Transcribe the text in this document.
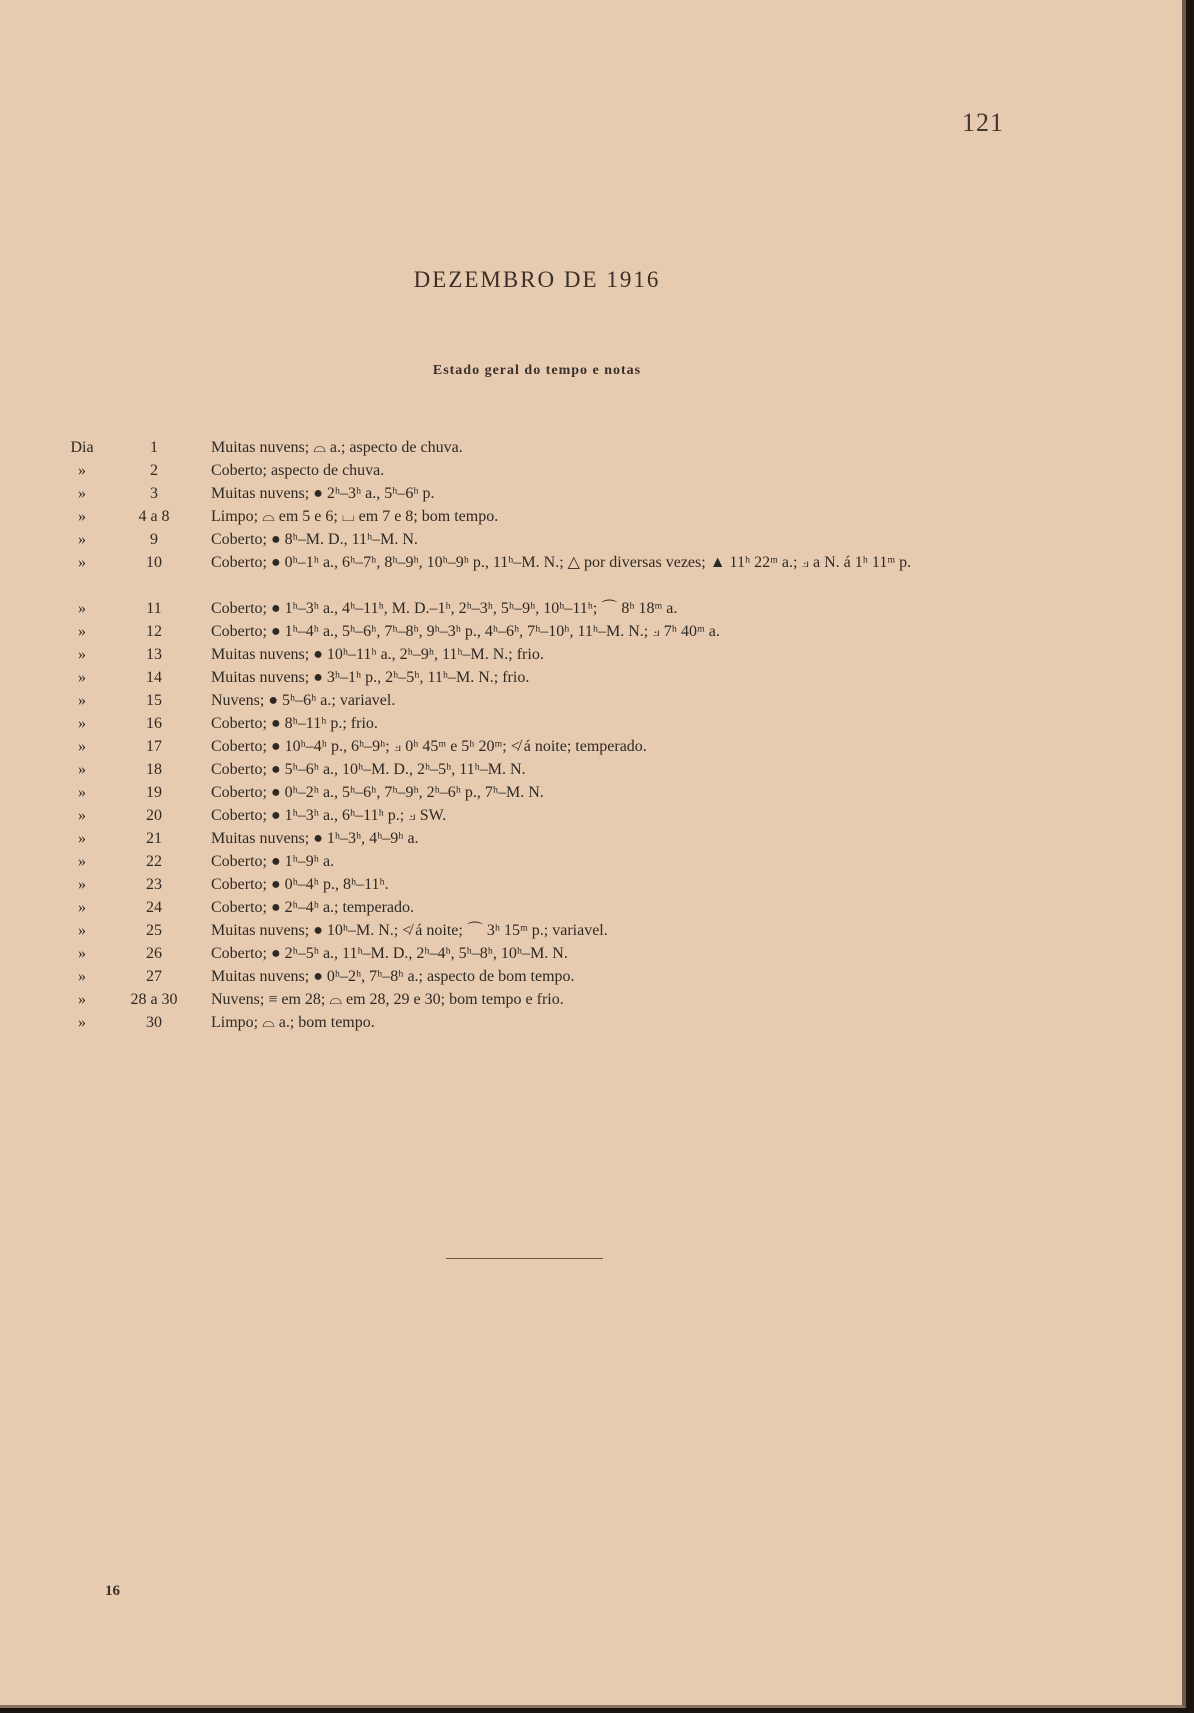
121
DEZEMBRO DE 1916
Estado geral do tempo e notas
Dia	1	Muitas nuvens; ⌓ a.; aspecto de chuva.
»	2	Coberto; aspecto de chuva.
»	3	Muitas nuvens; ● 2ʰ–3ʰ a., 5ʰ–6ʰ p.
»	4 a 8	Limpo; ⌓ em 5 e 6; ⌴ em 7 e 8; bom tempo.
»	9	Coberto; ● 8ʰ–M. D., 11ʰ–M. N.
»	10	Coberto; ● 0ʰ–1ʰ a., 6ʰ–7ʰ, 8ʰ–9ʰ, 10ʰ–9ʰ p., 11ʰ–M. N.; △ por diversas vezes; ▲ 11ʰ 22ᵐ a.; ⟓ a N. á 1ʰ 11ᵐ p.
»	11	Coberto; ● 1ʰ–3ʰ a., 4ʰ–11ʰ, M. D.–1ʰ, 2ʰ–3ʰ, 5ʰ–9ʰ, 10ʰ–11ʰ; ⌒ 8ʰ 18ᵐ a.
»	12	Coberto; ● 1ʰ–4ʰ a., 5ʰ–6ʰ, 7ʰ–8ʰ, 9ʰ–3ʰ p., 4ʰ–6ʰ, 7ʰ–10ʰ, 11ʰ–M. N.; ⟓ 7ʰ 40ᵐ a.
»	13	Muitas nuvens; ● 10ʰ–11ʰ a., 2ʰ–9ʰ, 11ʰ–M. N.; frio.
»	14	Muitas nuvens; ● 3ʰ–1ʰ p., 2ʰ–5ʰ, 11ʰ–M. N.; frio.
»	15	Nuvens; ● 5ʰ–6ʰ a.; variavel.
»	16	Coberto; ● 8ʰ–11ʰ p.; frio.
»	17	Coberto; ● 10ʰ–4ʰ p., 6ʰ–9ʰ; ⟓ 0ʰ 45ᵐ e 5ʰ 20ᵐ; ≮ á noite; temperado.
»	18	Coberto; ● 5ʰ–6ʰ a., 10ʰ–M. D., 2ʰ–5ʰ, 11ʰ–M. N.
»	19	Coberto; ● 0ʰ–2ʰ a., 5ʰ–6ʰ, 7ʰ–9ʰ, 2ʰ–6ʰ p., 7ʰ–M. N.
»	20	Coberto; ● 1ʰ–3ʰ a., 6ʰ–11ʰ p.; ⟓ SW.
»	21	Muitas nuvens; ● 1ʰ–3ʰ, 4ʰ–9ʰ a.
»	22	Coberto; ● 1ʰ–9ʰ a.
»	23	Coberto; ● 0ʰ–4ʰ p., 8ʰ–11ʰ.
»	24	Coberto; ● 2ʰ–4ʰ a.; temperado.
»	25	Muitas nuvens; ● 10ʰ–M. N.; ≮ á noite; ⌒ 3ʰ 15ᵐ p.; variavel.
»	26	Coberto; ● 2ʰ–5ʰ a., 11ʰ–M. D., 2ʰ–4ʰ, 5ʰ–8ʰ, 10ʰ–M. N.
»	27	Muitas nuvens; ● 0ʰ–2ʰ, 7ʰ–8ʰ a.; aspecto de bom tempo.
»	28 a 30	Nuvens; ≡ em 28; ⌓ em 28, 29 e 30; bom tempo e frio.
»	30	Limpo; ⌓ a.; bom tempo.
16
